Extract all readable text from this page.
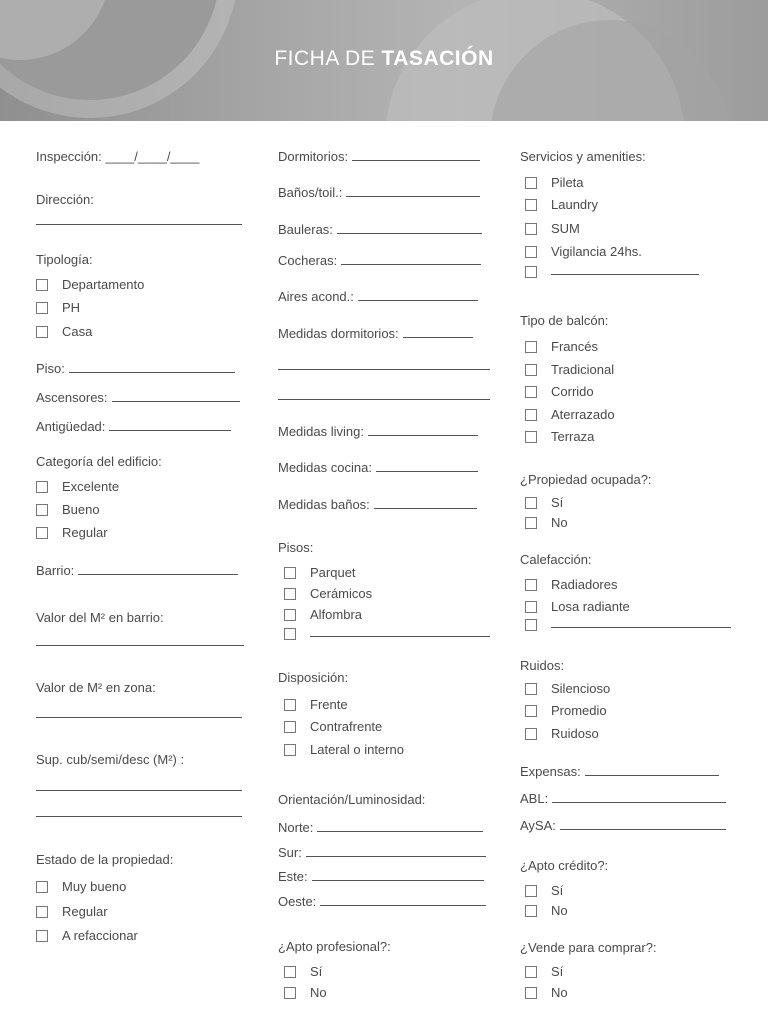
FICHA DE TASACIÓN
Inspección: ____/____/____
Dirección:
Tipología:
Departamento
PH
Casa
Piso:
Ascensores:
Antigüedad:
Categoría del edificio:
Excelente
Bueno
Regular
Barrio:
Valor del M² en barrio:
Valor de M² en zona:
Sup. cub/semi/desc (M²) :
Estado de la propiedad:
Muy bueno
Regular
A refaccionar
Dormitorios:
Baños/toil.:
Bauleras:
Cocheras:
Aires acond.:
Medidas dormitorios:
Medidas living:
Medidas cocina:
Medidas baños:
Pisos:
Parquet
Cerámicos
Alfombra
Disposición:
Frente
Contrafrente
Lateral o interno
Orientación/Luminosidad:
Norte:
Sur:
Este:
Oeste:
¿Apto profesional?:
Sí
No
Servicios y amenities:
Pileta
Laundry
SUM
Vigilancia 24hs.
Tipo de balcón:
Francés
Tradicional
Corrido
Aterrazado
Terraza
¿Propiedad ocupada?:
Sí
No
Calefacción:
Radiadores
Losa radiante
Ruidos:
Silencioso
Promedio
Ruidoso
Expensas:
ABL:
AySA:
¿Apto crédito?:
Sí
No
¿Vende para comprar?:
Sí
No
